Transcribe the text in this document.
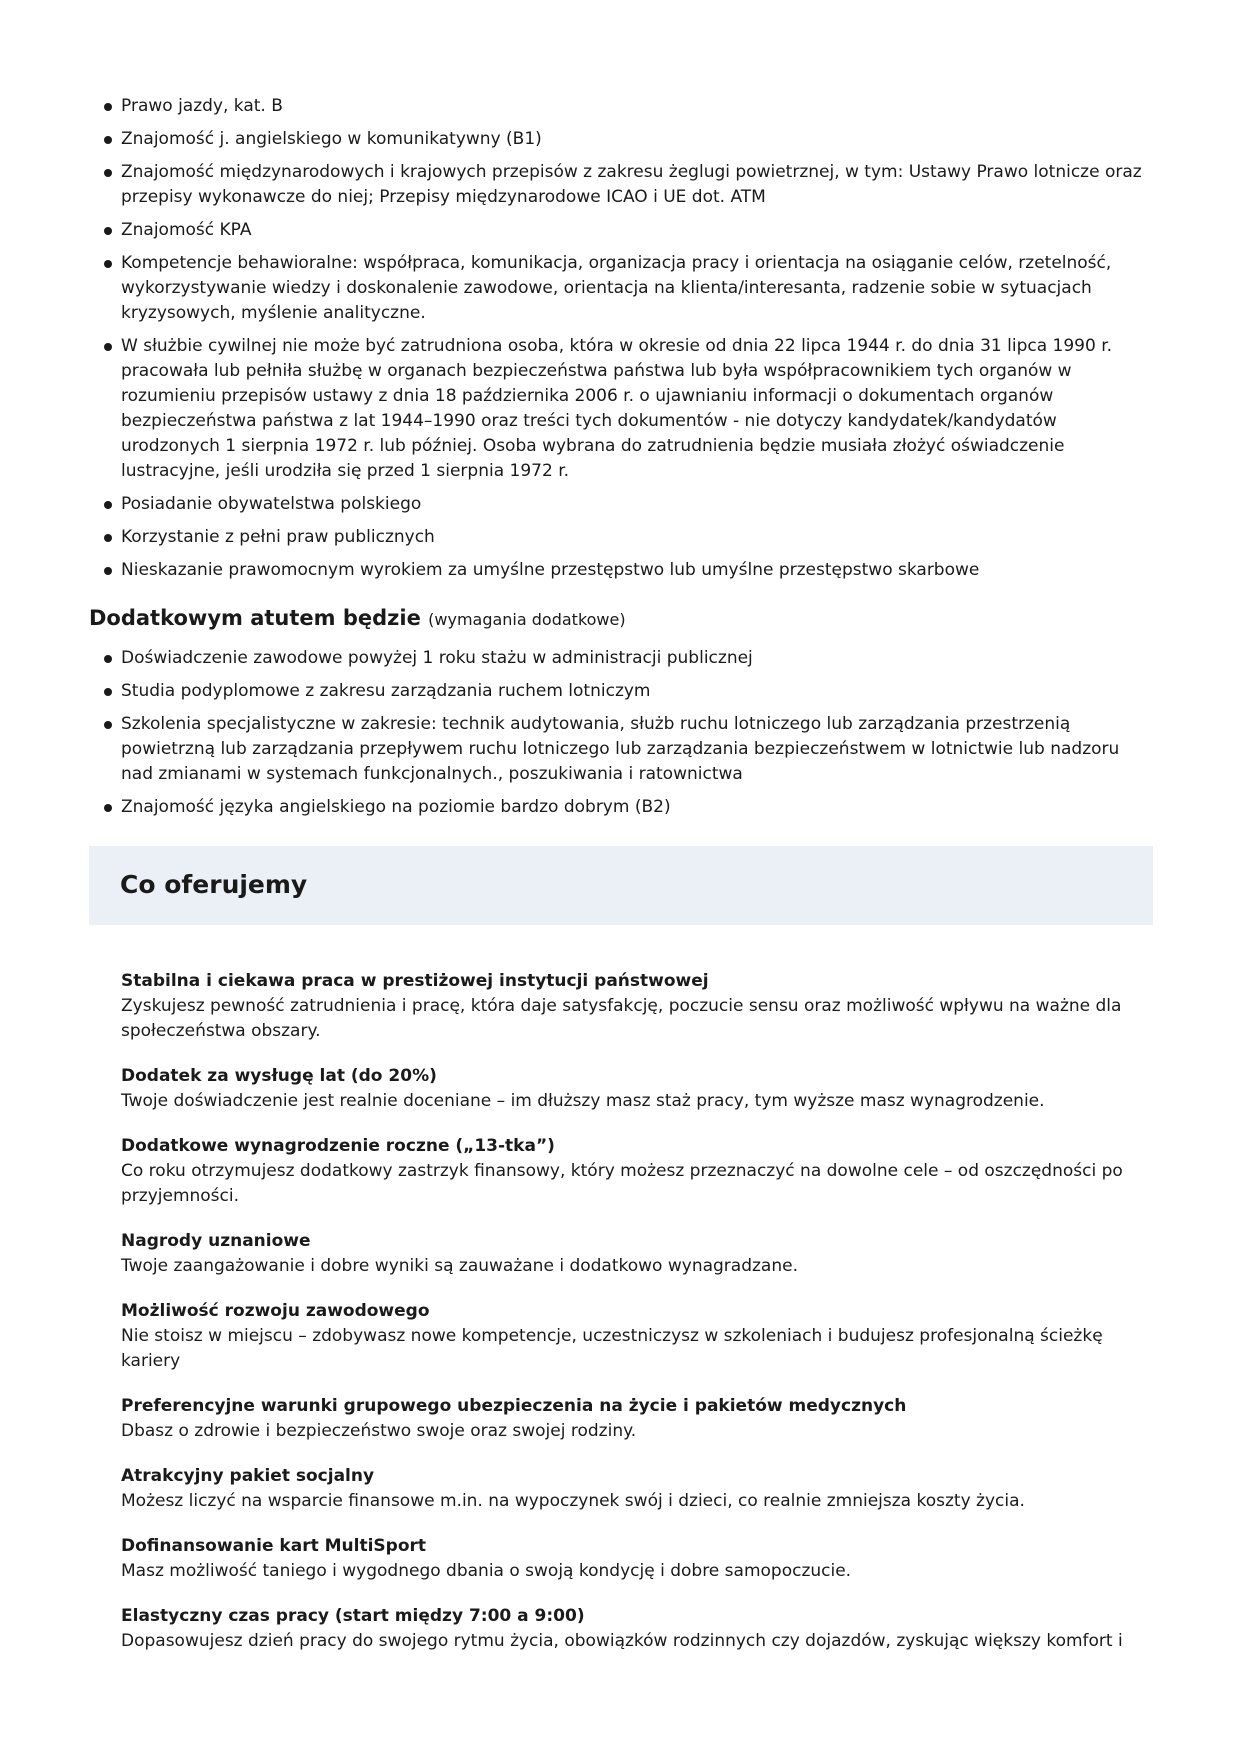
Prawo jazdy, kat. B
Znajomość j. angielskiego w komunikatywny (B1)
Znajomość międzynarodowych i krajowych przepisów z zakresu żeglugi powietrznej, w tym: Ustawy Prawo lotnicze oraz przepisy wykonawcze do niej; Przepisy międzynarodowe ICAO i UE dot. ATM
Znajomość KPA
Kompetencje behawioralne: współpraca, komunikacja, organizacja pracy i orientacja na osiąganie celów, rzetelność, wykorzystywanie wiedzy i doskonalenie zawodowe, orientacja na klienta/interesanta, radzenie sobie w sytuacjach kryzysowych, myślenie analityczne.
W służbie cywilnej nie może być zatrudniona osoba, która w okresie od dnia 22 lipca 1944 r. do dnia 31 lipca 1990 r. pracowała lub pełniła służbę w organach bezpieczeństwa państwa lub była współpracownikiem tych organów w rozumieniu przepisów ustawy z dnia 18 października 2006 r. o ujawnianiu informacji o dokumentach organów bezpieczeństwa państwa z lat 1944–1990 oraz treści tych dokumentów - nie dotyczy kandydatek/kandydatów urodzonych 1 sierpnia 1972 r. lub później. Osoba wybrana do zatrudnienia będzie musiała złożyć oświadczenie lustracyjne, jeśli urodziła się przed 1 sierpnia 1972 r.
Posiadanie obywatelstwa polskiego
Korzystanie z pełni praw publicznych
Nieskazanie prawomocnym wyrokiem za umyślne przestępstwo lub umyślne przestępstwo skarbowe
Dodatkowym atutem będzie (wymagania dodatkowe)
Doświadczenie zawodowe powyżej 1 roku stażu w administracji publicznej
Studia podyplomowe z zakresu zarządzania ruchem lotniczym
Szkolenia specjalistyczne w zakresie: technik audytowania, służb ruchu lotniczego lub zarządzania przestrzenią powietrzną lub zarządzania przepływem ruchu lotniczego lub zarządzania bezpieczeństwem w lotnictwie lub nadzoru nad zmianami w systemach funkcjonalnych., poszukiwania i ratownictwa
Znajomość języka angielskiego na poziomie bardzo dobrym (B2)
Co oferujemy
Stabilna i ciekawa praca w prestiżowej instytucji państwowej
Zyskujesz pewność zatrudnienia i pracę, która daje satysfakcję, poczucie sensu oraz możliwość wpływu na ważne dla społeczeństwa obszary.
Dodatek za wysługę lat (do 20%)
Twoje doświadczenie jest realnie doceniane – im dłuższy masz staż pracy, tym wyższe masz wynagrodzenie.
Dodatkowe wynagrodzenie roczne („13-tka”)
Co roku otrzymujesz dodatkowy zastrzyk finansowy, który możesz przeznaczyć na dowolne cele – od oszczędności po przyjemności.
Nagrody uznaniowe
Twoje zaangażowanie i dobre wyniki są zauważane i dodatkowo wynagradzane.
Możliwość rozwoju zawodowego
Nie stoisz w miejscu – zdobywasz nowe kompetencje, uczestniczysz w szkoleniach i budujesz profesjonalną ścieżkę kariery
Preferencyjne warunki grupowego ubezpieczenia na życie i pakietów medycznych
Dbasz o zdrowie i bezpieczeństwo swoje oraz swojej rodziny.
Atrakcyjny pakiet socjalny
Możesz liczyć na wsparcie finansowe m.in. na wypoczynek swój i dzieci, co realnie zmniejsza koszty życia.
Dofinansowanie kart MultiSport
Masz możliwość taniego i wygodnego dbania o swoją kondycję i dobre samopoczucie.
Elastyczny czas pracy (start między 7:00 a 9:00)
Dopasowujesz dzień pracy do swojego rytmu życia, obowiązków rodzinnych czy dojazdów, zyskując większy komfort i
